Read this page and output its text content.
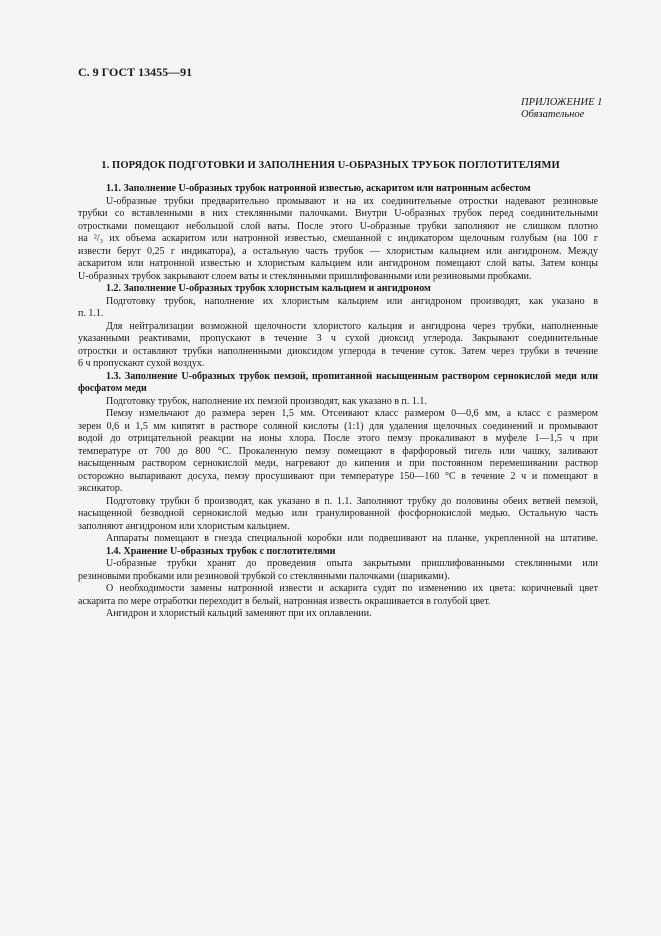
С. 9 ГОСТ 13455—91
ПРИЛОЖЕНИЕ 1
Обязательное
1. ПОРЯДОК ПОДГОТОВКИ И ЗАПОЛНЕНИЯ U-ОБРАЗНЫХ ТРУБОК ПОГЛОТИТЕЛЯМИ
1.1. Заполнение U-образных трубок натронной известью, аскаритом или натронным асбестом
U-образные трубки предварительно промывают и на их соединительные отростки надевают резиновые
трубки со вставленными в них стеклянными палочками. Внутри U-образных трубок перед соединительными
отростками помещают небольшой слой ваты. После этого U-образные трубки заполняют не слишком плотно
на ²/₃ их объема аскаритом или натронной известью, смешанной с индикатором щелочным голубым (на 100 г
извести берут 0,25 г индикатора), а остальную часть трубок — хлористым кальцием или ангидроном. Между
аскаритом или натронной известью и хлористым кальцием или ангидроном помещают слой ваты. Затем концы
U-образных трубок закрывают слоем ваты и стеклянными пришлифованными или резиновыми пробками.
1.2. Заполнение U-образных трубок хлористым кальцием и ангидроном
Подготовку трубок, наполнение их хлористым кальцием или ангидроном производят, как указано в
п. 1.1.
Для нейтрализации возможной щелочности хлористого кальция и ангидрона через трубки, наполненные
указанными реактивами, пропускают в течение 3 ч сухой диоксид углерода. Закрывают соединительные
отростки и оставляют трубки наполненными диоксидом углерода в течение суток. Затем через трубки в течение
6 ч пропускают сухой воздух.
1.3. Заполнение U-образных трубок пемзой, пропитанной насыщенным раствором сернокислой меди или
фосфатом меди
Подготовку трубок, наполнение их пемзой производят, как указано в п. 1.1.
Пемзу измельчают до размера зерен 1,5 мм. Отсеивают класс размером 0—0,6 мм, а класс с размером
зерен 0,6 и 1,5 мм кипятят в растворе соляной кислоты (1:1) для удаления щелочных соединений и промывают
водой до отрицательной реакции на ионы хлора. После этого пемзу прокаливают в муфеле 1—1,5 ч при
температуре от 700 до 800 °С. Прокаленную пемзу помещают в фарфоровый тигель или чашку, заливают
насыщенным раствором сернокислой меди, нагревают до кипения и при постоянном перемешивании раствор
осторожно выпаривают досуха, пемзу просушивают при температуре 150—160 °С в течение 2 ч и помещают в
эксикатор.
Подготовку трубки б производят, как указано в п. 1.1. Заполняют трубку до половины обеих ветвей пемзой,
насыщенной безводной сернокислой медью или гранулированной фосфорнокислой медью. Остальную часть
заполняют ангидроном или хлористым кальцием.
Аппараты помещают в гнезда специальной коробки или подвешивают на планке, укрепленной на штативе.
1.4. Хранение U-образных трубок с поглотителями
U-образные трубки хранят до проведения опыта закрытыми пришлифованными стеклянными или
резиновыми пробками или резиновой трубкой со стеклянными палочками (шариками).
О необходимости замены натронной извести и аскарита судят по изменению их цвета: коричневый цвет
аскарита по мере отработки переходит в белый, натронная известь окрашивается в голубой цвет.
Ангидрон и хлористый кальций заменяют при их оплавлении.
